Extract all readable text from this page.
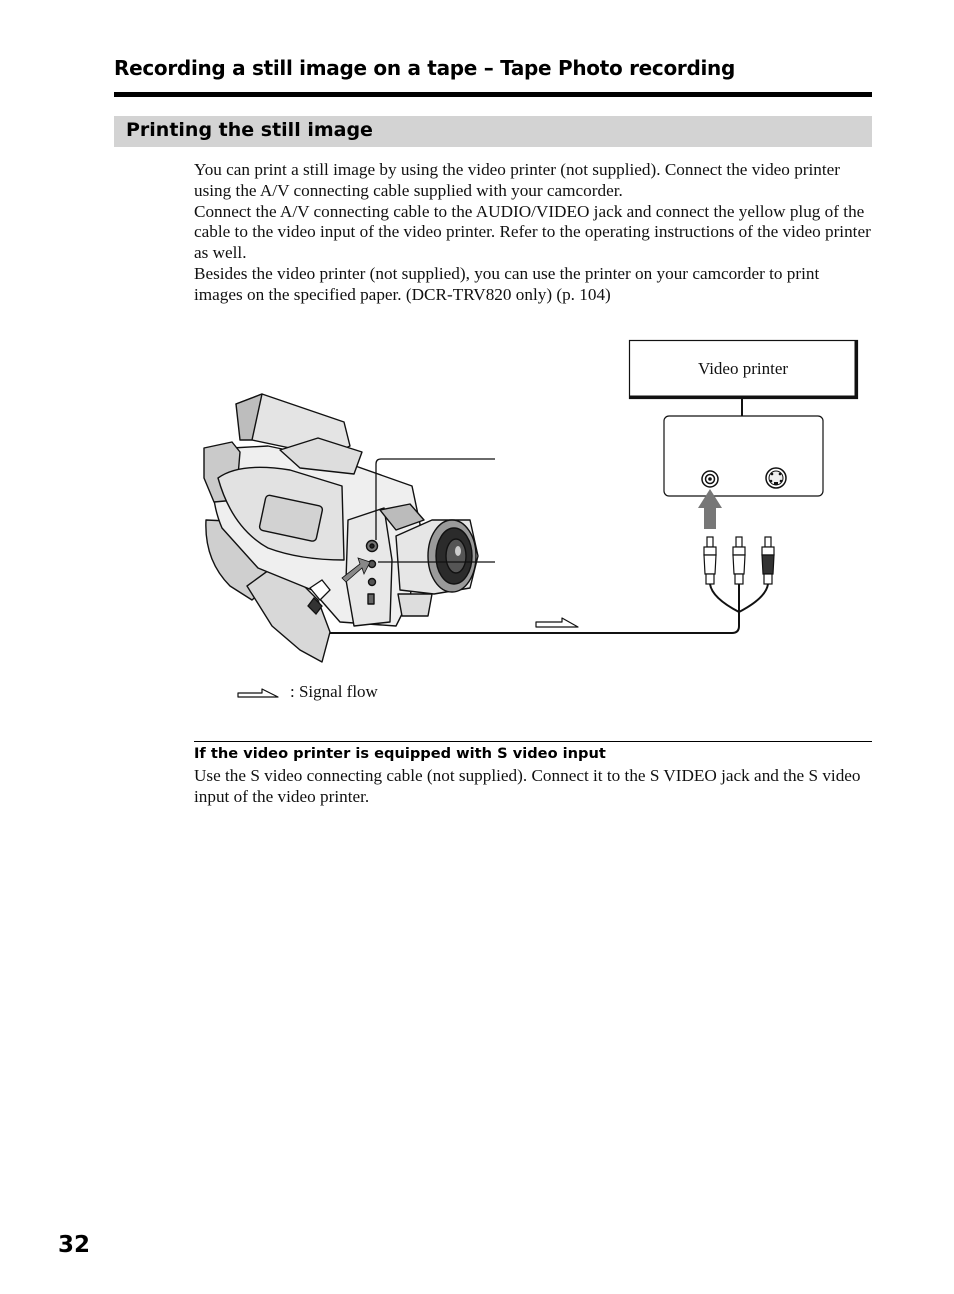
Recording a still image on a tape – Tape Photo recording
Printing the still image

You can print a still image by using the video printer (not supplied). Connect the video printer using the A/V connecting cable supplied with your camcorder.

Connect the A/V connecting cable to the AUDIO/VIDEO jack and connect the yellow plug of the cable to the video input of the video printer. Refer to the operating instructions of the video printer as well.

Besides the video printer (not supplied), you can use the printer on your camcorder to print images on the specified paper. (DCR-TRV820 only) (p. 104)

Video printer
: Signal flow
If the video printer is equipped with S video input
Use the S video connecting cable (not supplied). Connect it to the S VIDEO jack and the S video input of the video printer.
32
